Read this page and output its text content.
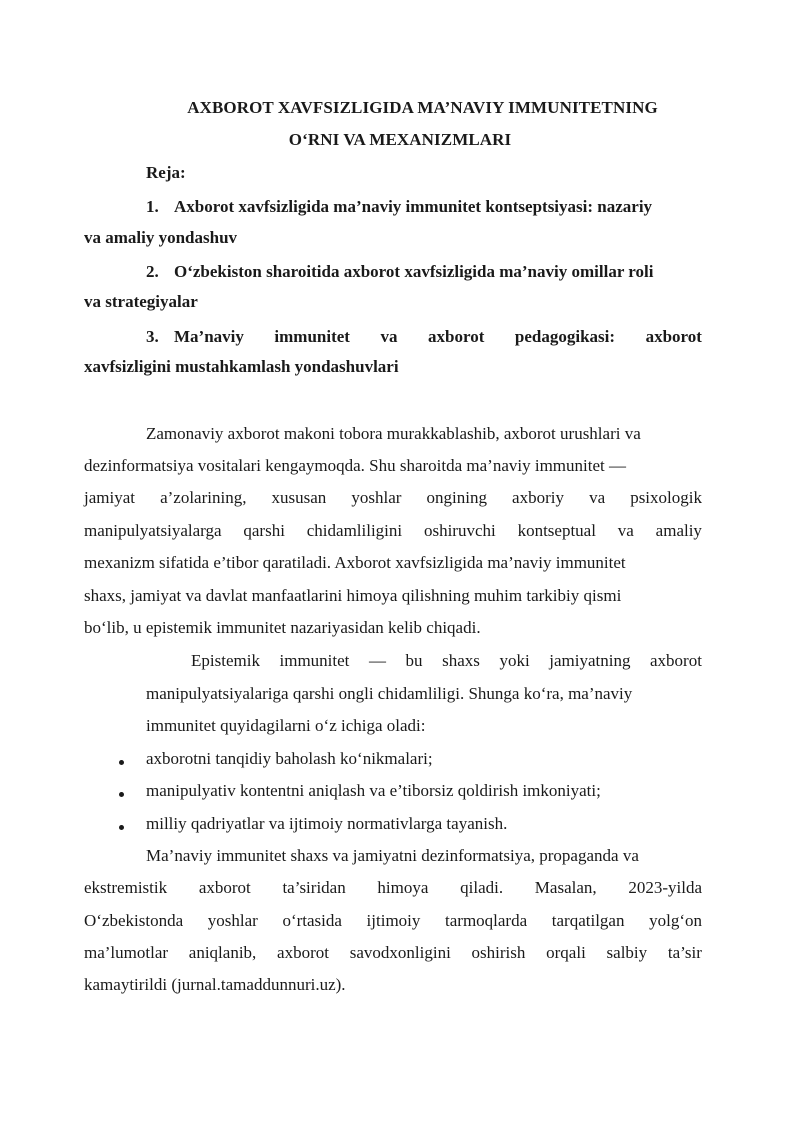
AXBOROT XAVFSIZLIGIDA MA’NAVIY IMMUNITETNING
O‘RNI VA MEXANIZMLARI
Reja:
1. Axborot xavfsizligida ma’naviy immunitet kontseptsiyasi: nazariy
va amaliy yondashuv
2. O‘zbekiston sharoitida axborot xavfsizligida ma’naviy omillar roli
va strategiyalar
3. Ma’naviy immunitet va axborot pedagogikasi: axborot
xavfsizligini mustahkamlash yondashuvlari
Zamonaviy axborot makoni tobora murakkablashib, axborot urushlari va
dezinformatsiya vositalari kengaymoqda. Shu sharoitda ma’naviy immunitet —
jamiyat a’zolarining, xususan yoshlar ongining axboriy va psixologik
manipulyatsiyalarga qarshi chidamliligini oshiruvchi kontseptual va amaliy
mexanizm sifatida e’tibor qaratiladi. Axborot xavfsizligida ma’naviy immunitet
shaxs, jamiyat va davlat manfaatlarini himoya qilishning muhim tarkibiy qismi
bo‘lib, u epistemik immunitet nazariyasidan kelib chiqadi.
Epistemik immunitet — bu shaxs yoki jamiyatning axborot
manipulyatsiyalariga qarshi ongli chidamliligi. Shunga ko‘ra, ma’naviy
immunitet quyidagilarni o‘z ichiga oladi:
axborotni tanqidiy baholash ko‘nikmalari;
manipulyativ kontentni aniqlash va e’tiborsiz qoldirish imkoniyati;
milliy qadriyatlar va ijtimoiy normativlarga tayanish.
Ma’naviy immunitet shaxs va jamiyatni dezinformatsiya, propaganda va
ekstremistik axborot ta’siridan himoya qiladi. Masalan, 2023-yilda
O‘zbekistonda yoshlar o‘rtasida ijtimoiy tarmoqlarda tarqatilgan yolg‘on
ma’lumotlar aniqlanib, axborot savodxonligini oshirish orqali salbiy ta’sir
kamaytirildi (jurnal.tamaddunnuri.uz).
